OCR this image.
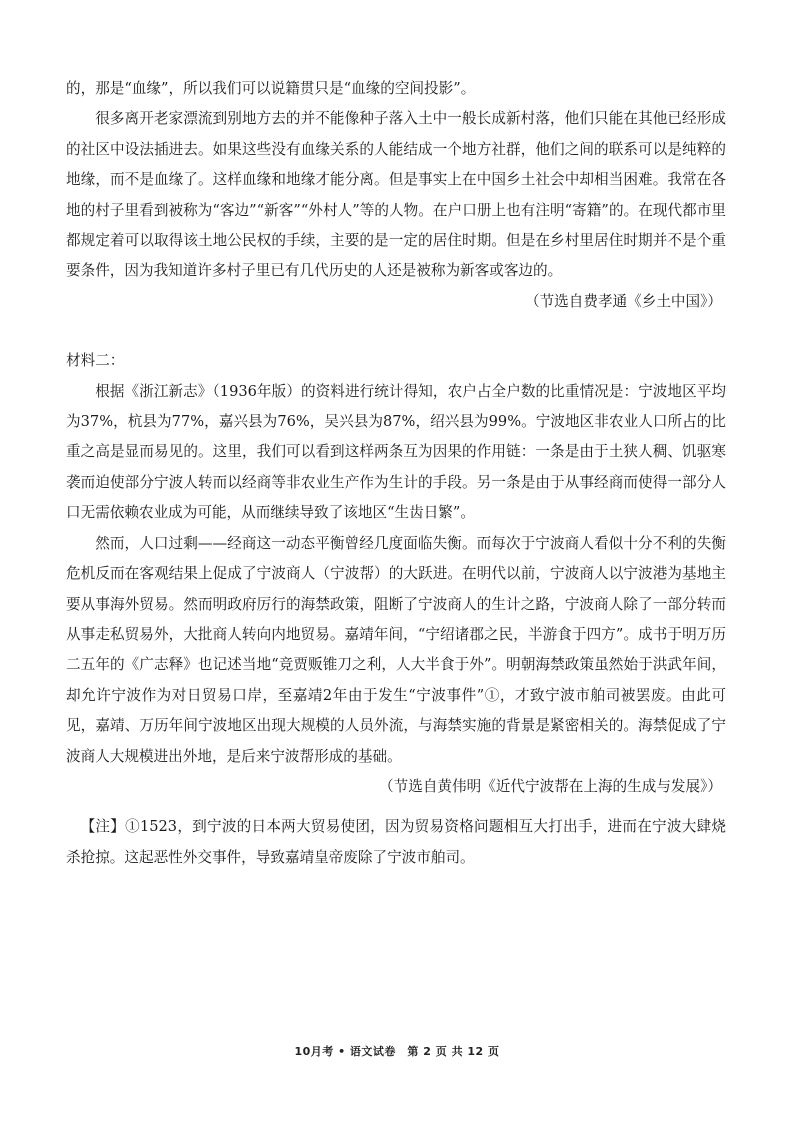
的，那是“血缘”，所以我们可以说籍贯只是“血缘的空间投影”。

很多离开老家漂流到别地方去的并不能像种子落入土中一般长成新村落，他们只能在其他已经形成的社区中设法插进去。如果这些没有血缘关系的人能结成一个地方社群，他们之间的联系可以是纯粹的地缘，而不是血缘了。这样血缘和地缘才能分离。但是事实上在中国乡土社会中却相当困难。我常在各地的村子里看到被称为“客边”“新客”“外村人”等的人物。在户口册上也有注明“寄籍”的。在现代都市里都规定着可以取得该土地公民权的手续，主要的是一定的居住时期。但是在乡村里居住时期并不是个重要条件，因为我知道许多村子里已有几代历史的人还是被称为新客或客边的。

（节选自费孝通《乡土中国》）

材料二：

根据《浙江新志》（1936年版）的资料进行统计得知，农户占全户数的比重情况是：宁波地区平均为37%，杭县为77%，嘉兴县为76%，吴兴县为87%，绍兴县为99%。宁波地区非农业人口所占的比重之高是显而易见的。这里，我们可以看到这样两条互为因果的作用链：一条是由于土狭人稠、饥驱寒袭而迫使部分宁波人转而以经商等非农业生产作为生计的手段。另一条是由于从事经商而使得一部分人口无需依赖农业成为可能，从而继续导致了该地区“生齿日繁”。

然而，人口过剩——经商这一动态平衡曾经几度面临失衡。而每次于宁波商人看似十分不利的失衡危机反而在客观结果上促成了宁波商人（宁波帮）的大跃进。在明代以前，宁波商人以宁波港为基地主要从事海外贸易。然而明政府厉行的海禁政策，阻断了宁波商人的生计之路，宁波商人除了一部分转而从事走私贸易外，大批商人转向内地贸易。嘉靖年间，“宁绍诸郡之民，半游食于四方”。成书于明万历二五年的《广志释》也记述当地“竞贾贩锥刀之利，人大半食于外”。明朝海禁政策虽然始于洪武年间，却允许宁波作为对日贸易口岸，至嘉靖2年由于发生“宁波事件”①，才致宁波市舶司被罢废。由此可见，嘉靖、万历年间宁波地区出现大规模的人员外流，与海禁实施的背景是紧密相关的。海禁促成了宁波商人大规模进出外地，是后来宁波帮形成的基础。

（节选自黄伟明《近代宁波帮在上海的生成与发展》）

【注】①1523，到宁波的日本两大贸易使团，因为贸易资格问题相互大打出手，进而在宁波大肆烧杀抢掠。这起恶性外交事件，导致嘉靖皇帝废除了宁波市舶司。

10月考 • 语文试卷　第 2 页 共 12 页
